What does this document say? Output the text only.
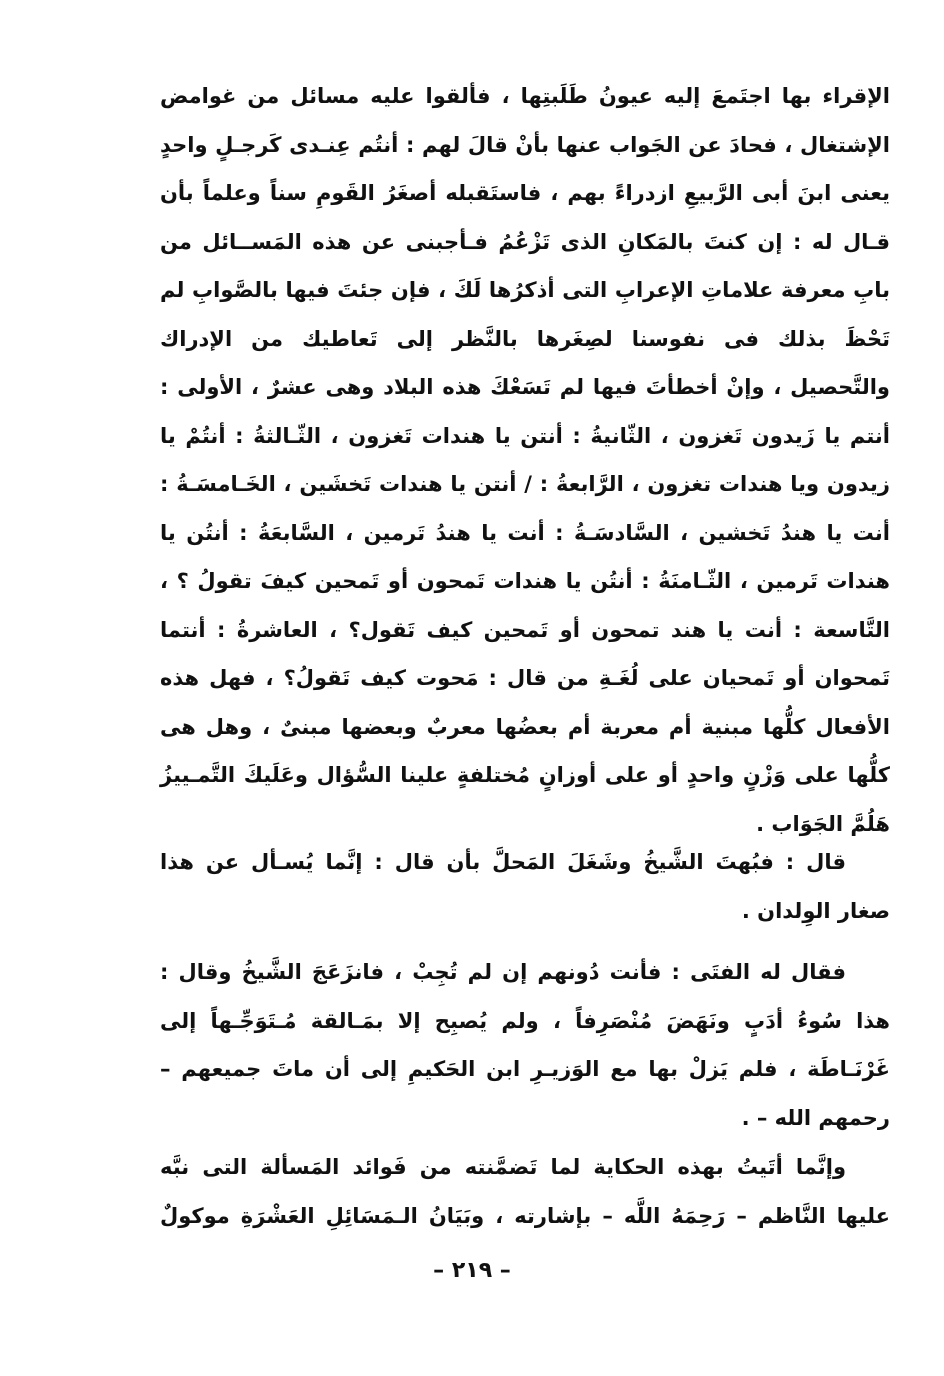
الإقراء بها اجتَمعَ إليه عيونُ طَلَبتِها ، فألقوا عليه مسائل من غوامض الإشتغال ، فحادَ عن الجَواب عنها بأنْ قالَ لهم : أنتُم عِنـدى كَرجـلٍ واحدٍ يعنى ابنَ أبى الرَّبيعِ ازدراءً بهم ، فاستَقبله أصغَرُ القَومِ سناً وعلماً بأن قـال له : إن كنتَ بالمَكانِ الذى تَزْعُمُ فـأجبنى عن هذه المَســائل من بابِ معرفة علاماتِ الإعرابِ التى أذكرُها لَكَ ، فإن جئتَ فيها بالصَّوابِ لم تَحْظَ بذلك فى نفوسنا لصِغَرها بالنَّظر إلى تَعاطيك من الإدراك والتَّحصيل ، وإنْ أخطأتَ فيها لم تَسَعْكَ هذه البلاد وهى عشرٌ ، الأولى : أنتم يا زَيدون تَغزون ، الثّانيةُ : أنتن يا هندات تَغزون ، الثّـالثةُ : أنتُمْ يا زيدون ويا هندات تغزون ، الرَّابعةُ : / أنتن يا هندات تَخشَين ، الخَـامسَـةُ : أنت يا هندُ تَخشين ، السَّادسَـةُ : أنت يا هندُ تَرمين ، السَّابعَةُ : أنتُن يا هندات تَرمين ، الثّـامنَةُ : أنتُن يا هندات تَمحون أو تَمحين كيفَ تقولُ ؟ ، التَّاسعة : أنت يا هند تمحون أو تَمحين كيف تَقول؟ ، العاشرةُ : أنتما تَمحوان أو تَمحيان على لُغَـةِ من قال : مَحوت كيف تَقولُ؟ ، فهل هذه الأفعال كلُّها مبنية أم معربة أم بعضُها معربٌ وبعضها مبنىٌ ، وهل هى كلُّها على وَزْنٍ واحدٍ أو على أوزانٍ مُختلفةٍ علينا السُّؤال وعَلَيكَ التَّمـييزُ هَلُمَّ الجَوَاب .

قال : فبُهتَ الشَّيخُ وشَغَلَ المَحلَّ بأن قال : إنَّما يُسـأل عن هذا صغار الوِلدان .

فقال له الفتَى : فأنت دُونهم إن لم تُجِبْ ، فانزَعَجَ الشَّيخُ وقال : هذا سُوءُ أدَبٍ ونَهَضَ مُنْصَرِفاً ، ولم يُصبِح إلا بمَـالقة مُـتَوَجِّـهاً إلى غَرْنَـاطَة ، فلم يَزلْ بها مع الوَزيـرِ ابن الحَكيمِ إلى أن ماتَ جميعهم – رحمهم الله – .

وإنَّما أتَيتُ بهذه الحكاية لما تَضمَّنته من فَوائد المَسألة التى نبَّه عليها النَّاظم – رَحِمَهُ اللَّه – بإشارته ، وبَيَانُ الـمَسَائِلِ العَشْرَةِ موكولٌ

– ٢١٩ –
